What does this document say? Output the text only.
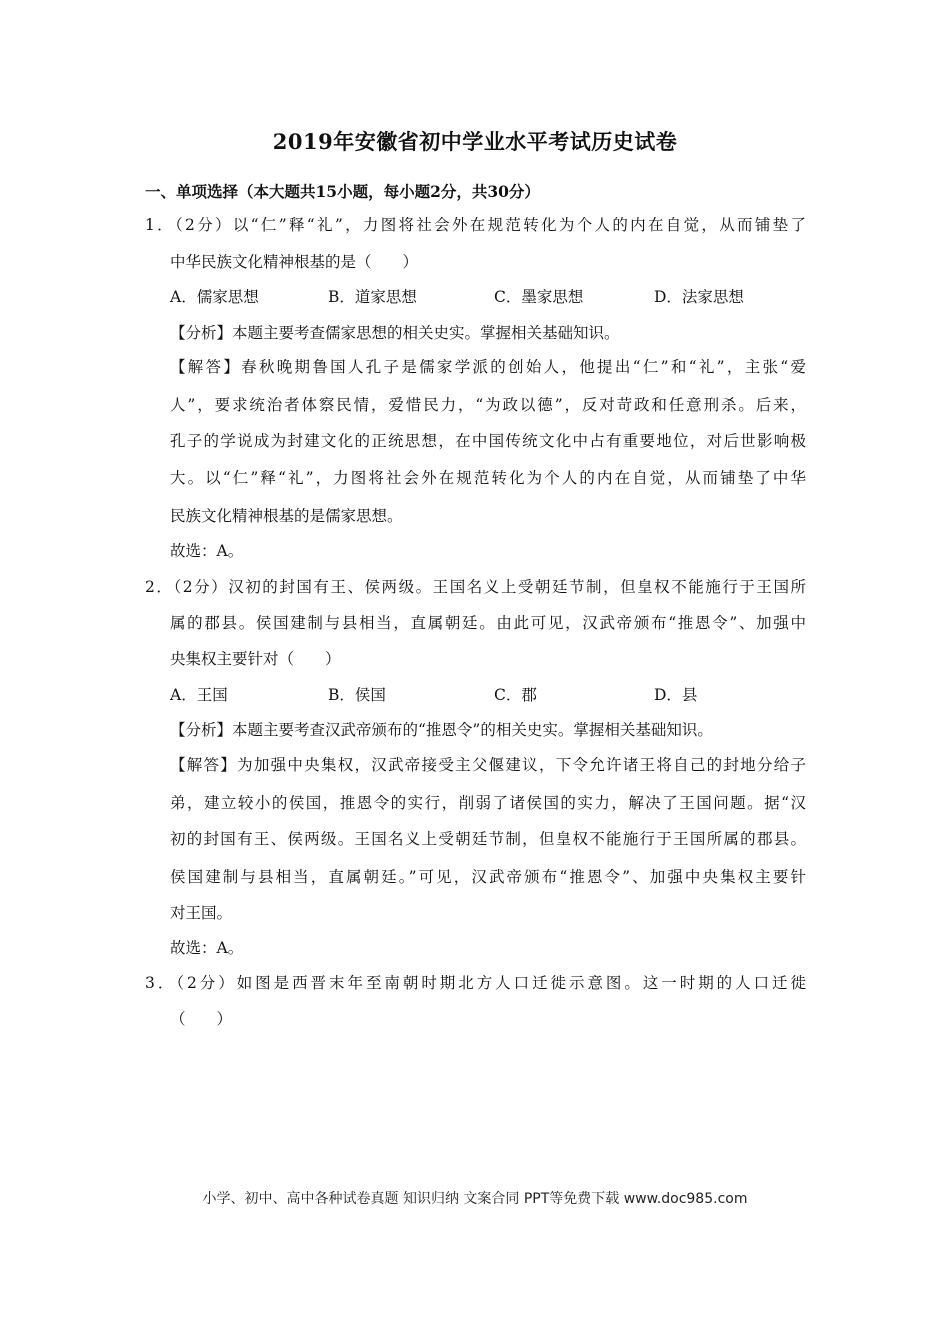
2019年安徽省初中学业水平考试历史试卷
一、单项选择（本大题共15小题，每小题2分，共30分）
1．（2分）以“仁”释“礼”，力图将社会外在规范转化为个人的内在自觉，从而铺垫了
中华民族文化精神根基的是（　　）
A．儒家思想	B．道家思想	C．墨家思想	D．法家思想
【分析】本题主要考查儒家思想的相关史实。掌握相关基础知识。
【解答】春秋晚期鲁国人孔子是儒家学派的创始人，他提出“仁”和“礼”，主张“爱
人”，要求统治者体察民情，爱惜民力，“为政以德”，反对苛政和任意刑杀。后来，
孔子的学说成为封建文化的正统思想，在中国传统文化中占有重要地位，对后世影响极
大。以“仁”释“礼”，力图将社会外在规范转化为个人的内在自觉，从而铺垫了中华
民族文化精神根基的是儒家思想。
故选：A。
2．（2分）汉初的封国有王、侯两级。王国名义上受朝廷节制，但皇权不能施行于王国所
属的郡县。侯国建制与县相当，直属朝廷。由此可见，汉武帝颁布“推恩令”、加强中
央集权主要针对（　　）
A．王国	B．侯国	C．郡	D．县
【分析】本题主要考查汉武帝颁布的“推恩令”的相关史实。掌握相关基础知识。
【解答】为加强中央集权，汉武帝接受主父偃建议，下令允许诸王将自己的封地分给子
弟，建立较小的侯国，推恩令的实行，削弱了诸侯国的实力，解决了王国问题。据“汉
初的封国有王、侯两级。王国名义上受朝廷节制，但皇权不能施行于王国所属的郡县。
侯国建制与县相当，直属朝廷。”可见，汉武帝颁布“推恩令”、加强中央集权主要针
对王国。
故选：A。
3．（2分）如图是西晋末年至南朝时期北方人口迁徙示意图。这一时期的人口迁徙
（　　）
小学、初中、高中各种试卷真题 知识归纳 文案合同 PPT等免费下载 www.doc985.com
